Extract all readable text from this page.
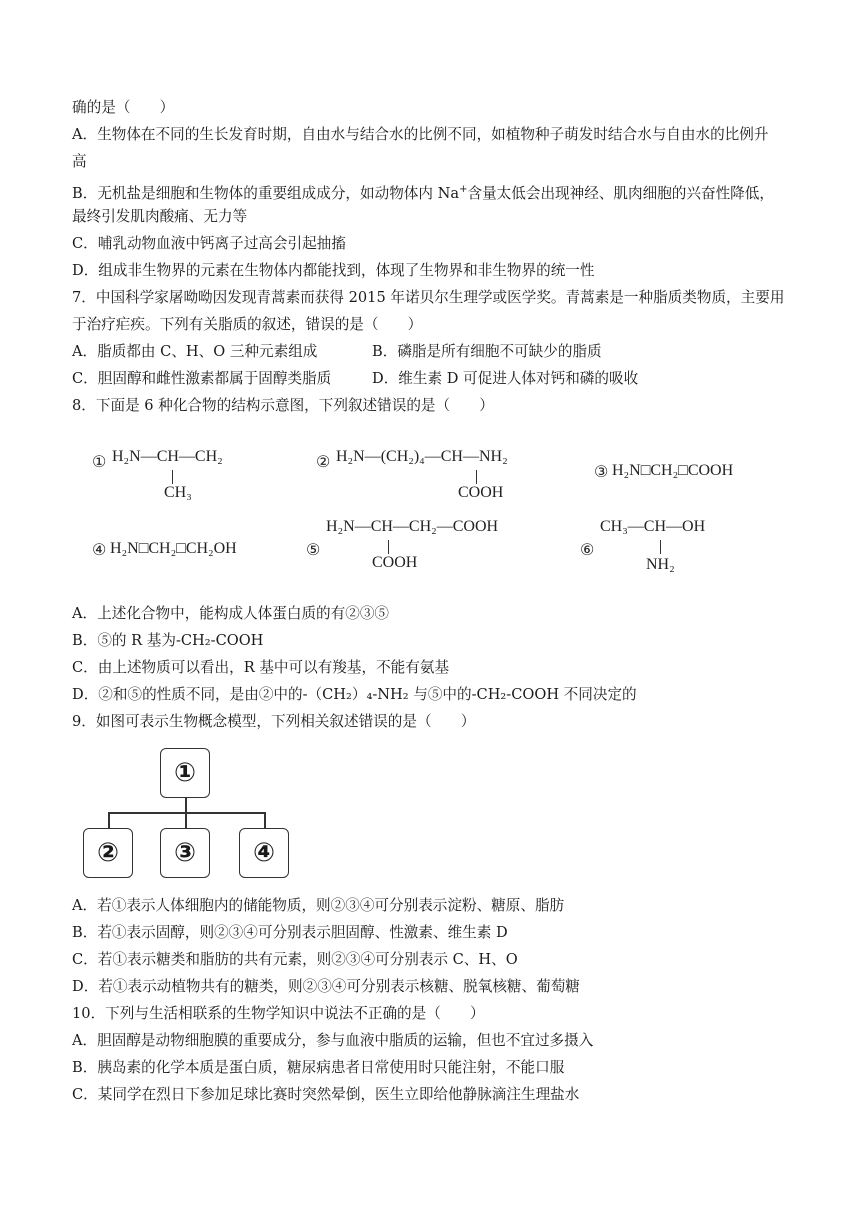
确的是（　　）
A．生物体在不同的生长发育时期，自由水与结合水的比例不同，如植物种子萌发时结合水与自由水的比例升
高
B．无机盐是细胞和生物体的重要组成成分，如动物体内 Na+含量太低会出现神经、肌肉细胞的兴奋性降低，
最终引发肌肉酸痛、无力等
C．哺乳动物血液中钙离子过高会引起抽搐
D．组成非生物界的元素在生物体内都能找到，体现了生物界和非生物界的统一性
7．中国科学家屠呦呦因发现青蒿素而获得 2015 年诺贝尔生理学或医学奖。青蒿素是一种脂质类物质，主要用
于治疗疟疾。下列有关脂质的叙述，错误的是（　　）
A．脂质都由 C、H、O 三种元素组成	B．磷脂是所有细胞不可缺少的脂质
C．胆固醇和雌性激素都属于固醇类脂质	D．维生素 D 可促进人体对钙和磷的吸收
8．下面是 6 种化合物的结构示意图，下列叙述错误的是（　　）
① H₂N—CH—CH₂
CH₃
② H₂N—(CH₂)₄—CH—NH₂
COOH
③ H₂N□CH₂□COOH
④ H₂N□CH₂□CH₂OH	⑤
H₂N—CH—CH₂—COOH
COOH
⑥
CH₃—CH—OH
NH₂
A．上述化合物中，能构成人体蛋白质的有②③⑤
B．⑤的 R 基为-CH₂-COOH
C．由上述物质可以看出，R 基中可以有羧基，不能有氨基
D．②和⑤的性质不同，是由②中的-（CH₂）₄-NH₂ 与⑤中的-CH₂-COOH 不同决定的
9．如图可表示生物概念模型，下列相关叙述错误的是（　　）
①
②	③	④
A．若①表示人体细胞内的储能物质，则②③④可分别表示淀粉、糖原、脂肪
B．若①表示固醇，则②③④可分别表示胆固醇、性激素、维生素 D
C．若①表示糖类和脂肪的共有元素，则②③④可分别表示 C、H、O
D．若①表示动植物共有的糖类，则②③④可分别表示核糖、脱氧核糖、葡萄糖
10．下列与生活相联系的生物学知识中说法不正确的是（　　）
A．胆固醇是动物细胞膜的重要成分，参与血液中脂质的运输，但也不宜过多摄入
B．胰岛素的化学本质是蛋白质，糖尿病患者日常使用时只能注射，不能口服
C．某同学在烈日下参加足球比赛时突然晕倒，医生立即给他静脉滴注生理盐水
